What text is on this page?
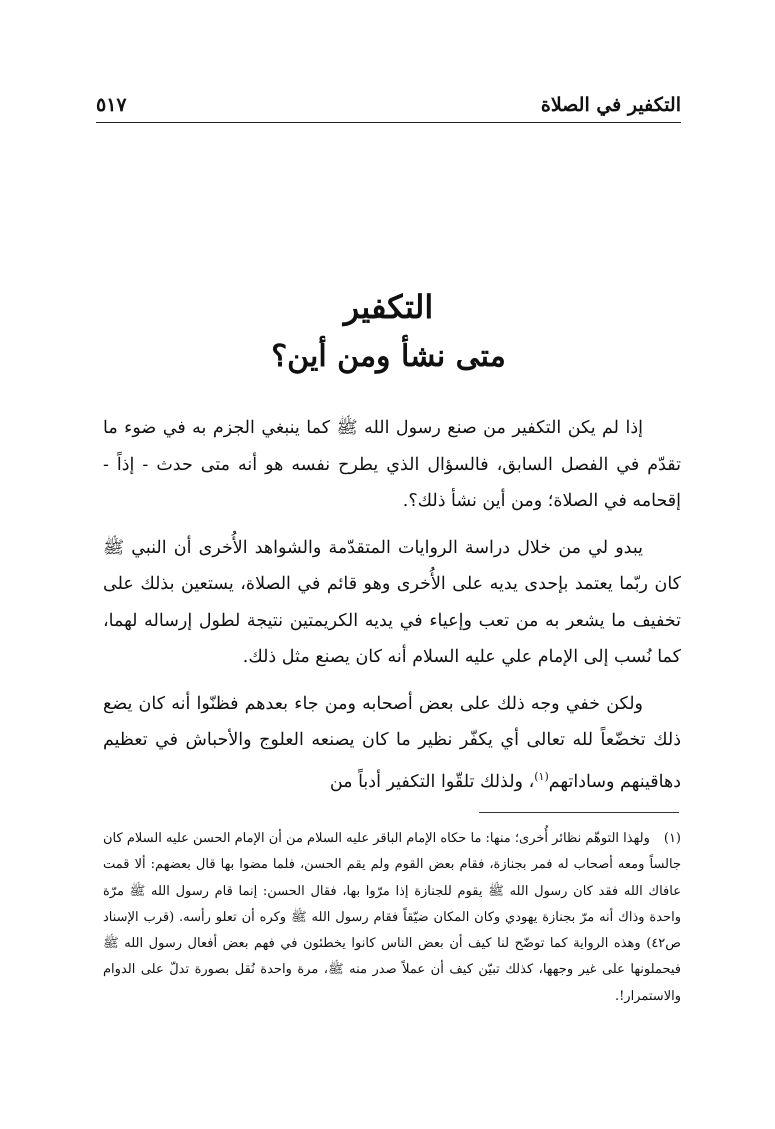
التكفير في الصلاة
٥١٧
التكفير
متى نشأ ومن أين؟

إذا لم يكن التكفير من صنع رسول الله ﷺ كما ينبغي الجزم به في ضوء ما تقدّم في الفصل السابق، فالسؤال الذي يطرح نفسه هو أنه متى حدث - إذاً - إقحامه في الصلاة؛ ومن أين نشأ ذلك؟.

يبدو لي من خلال دراسة الروايات المتقدّمة والشواهد الأُخرى أن النبي ﷺ كان ربّما يعتمد بإحدى يديه على الأُخرى وهو قائم في الصلاة، يستعين بذلك على تخفيف ما يشعر به من تعب وإعياء في يديه الكريمتين نتيجة لطول إرساله لهما، كما نُسب إلى الإمام علي عليه السلام أنه كان يصنع مثل ذلك.

ولكن خفي وجه ذلك على بعض أصحابه ومن جاء بعدهم فظنّوا أنه كان يضع ذلك تخضّعاً لله تعالى أي يكفّر نظير ما كان يصنعه العلوج والأحباش في تعظيم دهاقينهم وساداتهم$^{(١)}$، ولذلك تلقّوا التكفير أدباً من

(١)ولهذا التوهّم نظائر أُخرى؛ منها: ما حكاه الإمام الباقر عليه السلام من أن الإمام الحسن عليه السلام كان جالساً ومعه أصحاب له فمر بجنازة، فقام بعض القوم ولم يقم الحسن، فلما مضوا بها قال بعضهم: ألا قمت عافاك الله فقد كان رسول الله ﷺ يقوم للجنازة إذا مرّوا بها، فقال الحسن: إنما قام رسول الله ﷺ مرّة واحدة وذاك أنه مرّ بجنازة يهودي وكان المكان ضيّقاً فقام رسول الله ﷺ وكره أن تعلو رأسه. (قرب الإسناد ص٤٢) وهذه الرواية كما توضّح لنا كيف أن بعض الناس كانوا يخطئون في فهم بعض أفعال رسول الله ﷺ فيحملونها على غير وجهها، كذلك تبيّن كيف أن عملاً صدر منه ﷺ، مرة واحدة نُقل بصورة تدلّ على الدوام والاستمرار!.
